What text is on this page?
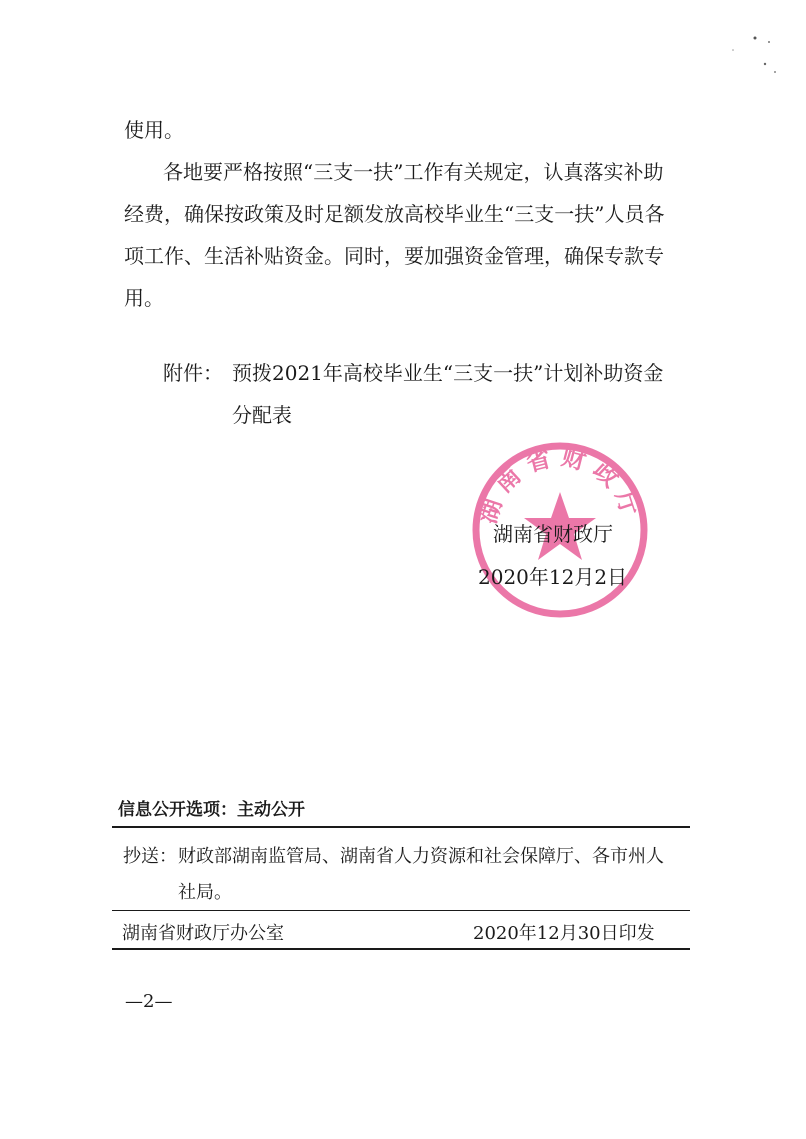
使用。
各地要严格按照“三支一扶”工作有关规定，认真落实补助
经费，确保按政策及时足额发放高校毕业生“三支一扶”人员各
项工作、生活补贴资金。同时，要加强资金管理，确保专款专
用。
附件： 预拨2021年高校毕业生“三支一扶”计划补助资金
分配表
湖南省财政厅
湖南省财政厅
2020年12月2日
信息公开选项：主动公开
抄送： 财政部湖南监管局、湖南省人力资源和社会保障厅、各市州人
社局。
湖南省财政厅办公室	2020年12月30日印发
—2—
